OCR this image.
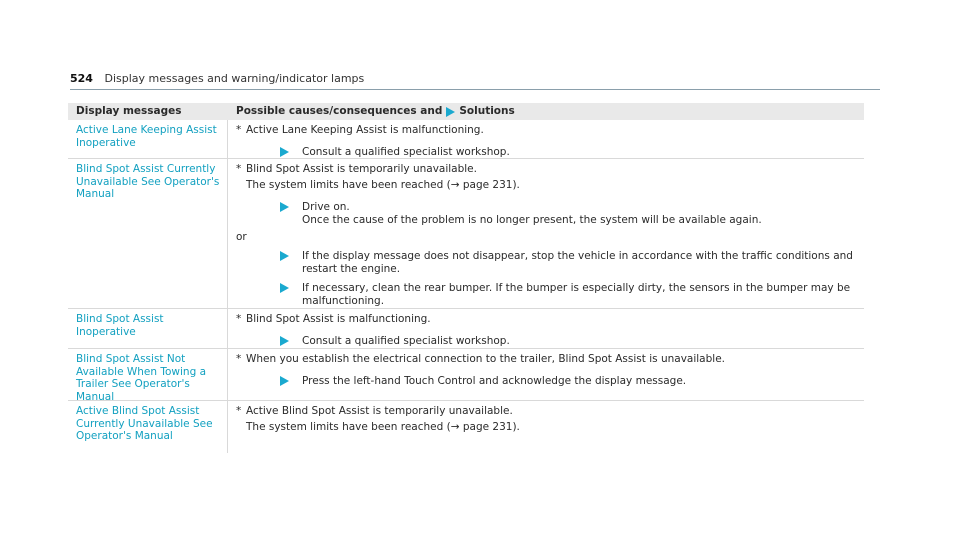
524 Display messages and warning/indicator lamps
Display messages	Possible causes/consequences and Solutions
Active Lane Keeping Assist Inoperative
* Active Lane Keeping Assist is malfunctioning.

Consult a qualified specialist workshop.
Blind Spot Assist Currently Unavailable See Operator's Manual
* Blind Spot Assist is temporarily unavailable.

The system limits have been reached (→ page 231).

Drive on.
Once the cause of the problem is no longer present, the system will be available again.
or
If the display message does not disappear, stop the vehicle in accordance with the traffic conditions and restart the engine.
If necessary, clean the rear bumper. If the bumper is especially dirty, the sensors in the bumper may be malfunctioning.
Blind Spot Assist Inoperative
* Blind Spot Assist is malfunctioning.

Consult a qualified specialist workshop.
Blind Spot Assist Not Available When Towing a Trailer See Operator's Manual
* When you establish the electrical connection to the trailer, Blind Spot Assist is unavailable.

Press the left-hand Touch Control and acknowledge the display message.
Active Blind Spot Assist Currently Unavailable See Operator's Manual
* Active Blind Spot Assist is temporarily unavailable.

The system limits have been reached (→ page 231).
